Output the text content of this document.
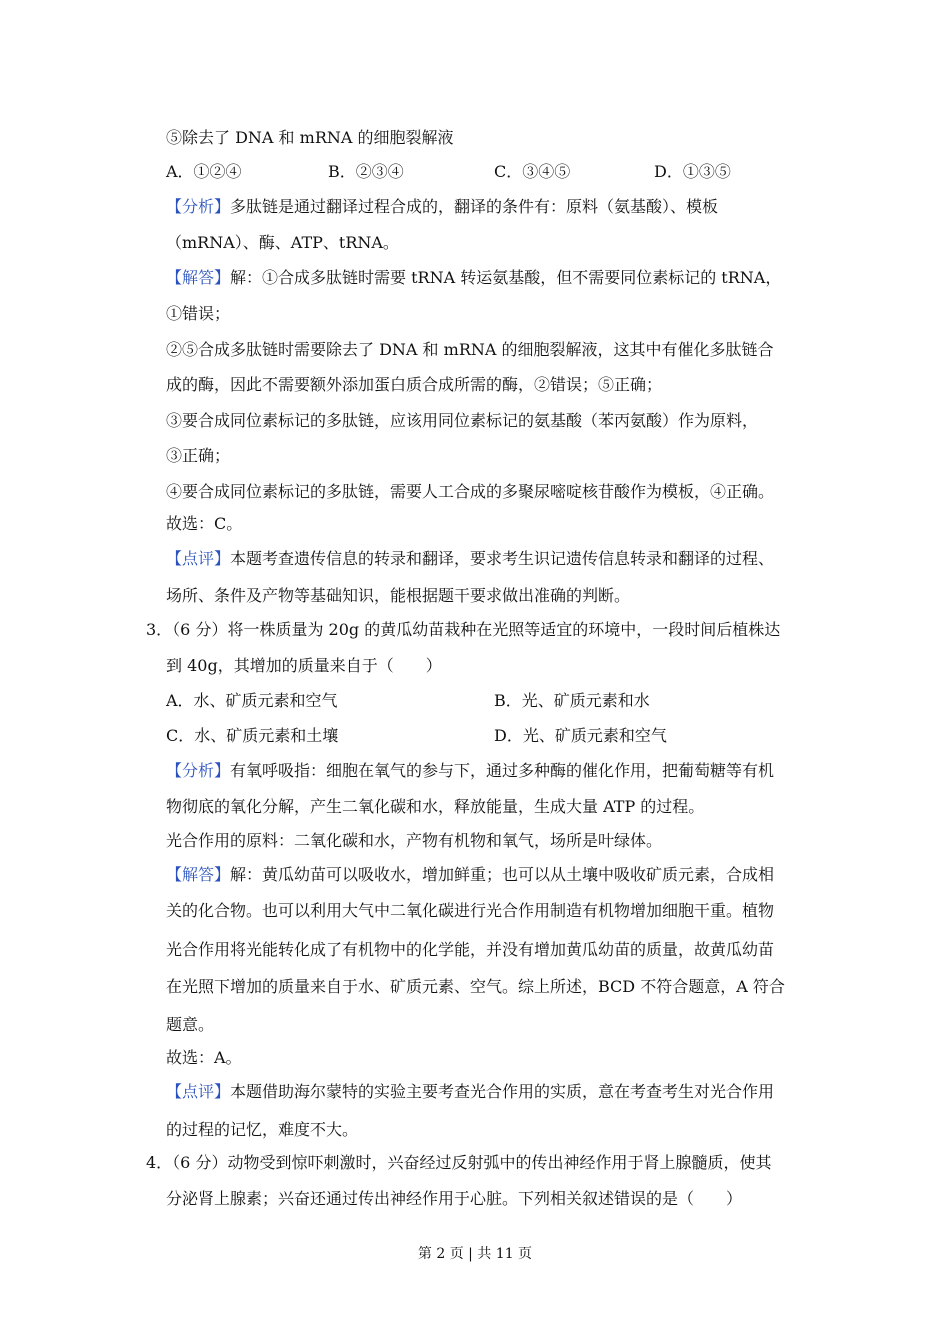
⑤除去了 DNA 和 mRNA 的细胞裂解液
A．①②④	B．②③④	C．③④⑤	D．①③⑤
【分析】多肽链是通过翻译过程合成的，翻译的条件有：原料（氨基酸）、模板
（mRNA）、酶、ATP、tRNA。
【解答】解：①合成多肽链时需要 tRNA 转运氨基酸，但不需要同位素标记的 tRNA，
①错误；
②⑤合成多肽链时需要除去了 DNA 和 mRNA 的细胞裂解液，这其中有催化多肽链合
成的酶，因此不需要额外添加蛋白质合成所需的酶，②错误；⑤正确；
③要合成同位素标记的多肽链，应该用同位素标记的氨基酸（苯丙氨酸）作为原料，
③正确；
④要合成同位素标记的多肽链，需要人工合成的多聚尿嘧啶核苷酸作为模板，④正确。
故选：C。
【点评】本题考查遗传信息的转录和翻译，要求考生识记遗传信息转录和翻译的过程、
场所、条件及产物等基础知识，能根据题干要求做出准确的判断。
3．（6 分）将一株质量为 20g 的黄瓜幼苗栽种在光照等适宜的环境中，一段时间后植株达
到 40g，其增加的质量来自于（　　）
A．水、矿质元素和空气	B．光、矿质元素和水
C．水、矿质元素和土壤	D．光、矿质元素和空气
【分析】有氧呼吸指：细胞在氧气的参与下，通过多种酶的催化作用，把葡萄糖等有机
物彻底的氧化分解，产生二氧化碳和水，释放能量，生成大量 ATP 的过程。
光合作用的原料：二氧化碳和水，产物有机物和氧气，场所是叶绿体。
【解答】解：黄瓜幼苗可以吸收水，增加鲜重；也可以从土壤中吸收矿质元素，合成相
关的化合物。也可以利用大气中二氧化碳进行光合作用制造有机物增加细胞干重。植物
光合作用将光能转化成了有机物中的化学能，并没有增加黄瓜幼苗的质量，故黄瓜幼苗
在光照下增加的质量来自于水、矿质元素、空气。综上所述，BCD 不符合题意，A 符合
题意。
故选：A。
【点评】本题借助海尔蒙特的实验主要考查光合作用的实质，意在考查考生对光合作用
的过程的记忆，难度不大。
4．（6 分）动物受到惊吓刺激时，兴奋经过反射弧中的传出神经作用于肾上腺髓质，使其
分泌肾上腺素；兴奋还通过传出神经作用于心脏。下列相关叙述错误的是（　　）
第 2 页 | 共 11 页
